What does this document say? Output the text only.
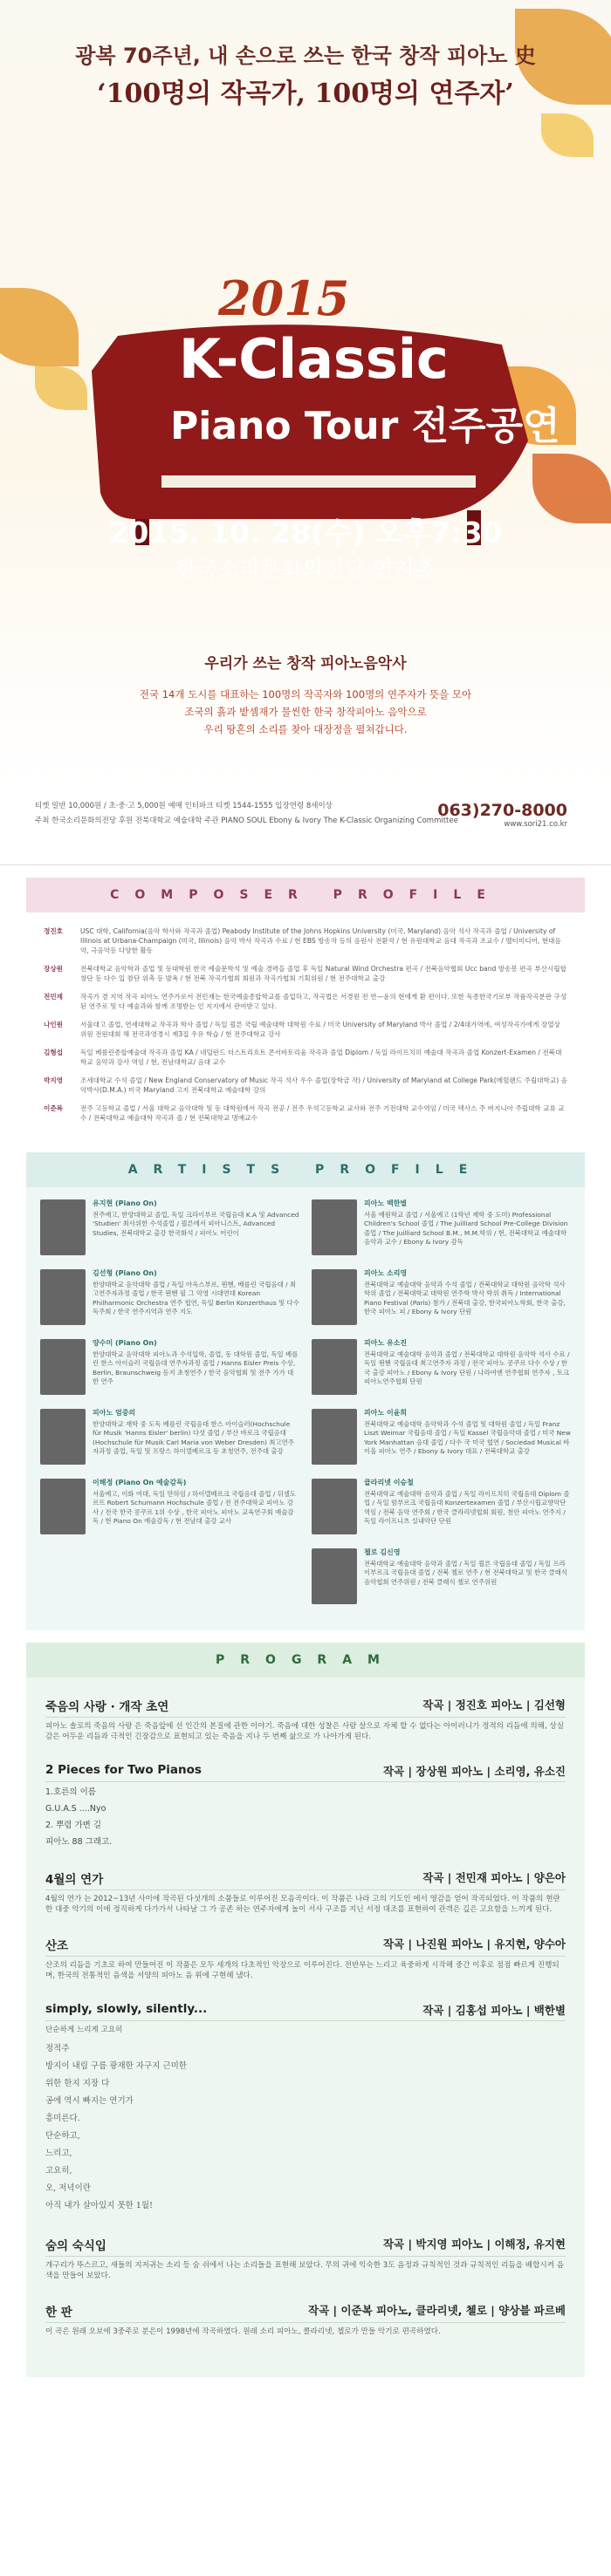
광복 70주년, 내 손으로 쓰는 한국 창작 피아노 史
‘100명의 작곡가, 100명의 연주자’
2015
K-Classic
Piano Tour 전주공연
2015. 10. 28(수) 오후7:30
한국소리문화의전당 연지홀
우리가 쓰는 창작 피아노음악사
전국 14개 도시를 대표하는 100명의 작곡자와 100명의 연주자가 뜻을 모아
조국의 흙과 밭셈재가 물씬한 한국 창작피아노 음악으로
우리 땅혼의 소리를 찾아 대장정을 펼쳐갑니다.
티켓 일반 10,000원 / 초·중·고 5,000원 예매 인터파크 티켓 1544-1555 입장연령 8세이상
주최 한국소리문화의전당 후원 전북대학교 예술대학 주관 PIANO SOUL Ebony & Ivory The K-Classic Organizing Committee
063)270-8000
www.sori21.co.kr
COMPOSER PROFILE
정진호	USC 대학, California(음악 학사와 작곡과 졸업) Peabody Institute of the Johns Hopkins University (미국, Maryland) 음악 석사 작곡과 졸업 / University of Illinois at Urbana-Champaign (미국, Illinois) 음악 박사 작곡과 수료 / 현 EBS 방송작 등의 음원사 전환작 / 현 유원대학교 음대 작곡과 조교수 / 멜티미디어, 현대음악, 극음악등 다양한 활동
장상원	전북대학교 음악학과 졸업 및 동대학원 한국 예술문학석 및 예술 경력을 졸업 후 독일 Natural Wind Orchestra 편곡 / 전북음악협회 Ucc band 방송봉 편곡 부산시립합창단 등 다수 입 참단 위촉 등 발욕 / 현 전북 작곡가협회 회원과 작곡가협회 기획위원 / 현 전주대학교 출강
전민재	작곡가 겸 지역 작곡 피아노 연주가로서 전민재는 한국예술종합학교를 졸업하고, 작곡법은 서경원 전 연—윤의 현에게 환 편이다. 또한 독종한국기로부 작품작곡분판 구성된 연주로 및 다 예술과와 함께 조명받는 인 지지에서 관여받고 있다.
나인원	서울대고 졸업, 연세대학교 작곡과 학사 졸업 / 독일 쾰른 국립 예술대학 대학원 수료 / 미국 University of Maryland 박사 졸업 / 2/4대가역에, 여성작곡가에게 장열상 위원 전원대회 해 전국과영경시 제3집 우유 학습 / 현 전주대학교 강사
김형섭	독일 베를린종합예술대 작곡과 졸업 KA / 네덜란드 더스트리흐트 콘서바토리움 작곡과 졸업 Diplom / 독일 라이프치히 예술대 작곡과 졸업 Konzert-Examen / 전북대학교 음악과 강사 역임 / 현, 전남대학교/ 음대 교수
박지영	조세대학교 수석 졸업 / New England Conservatory of Music 작곡 석사 우수 졸업(장학금 작) / University of Maryland at College Park(메릴랜드 주립대학교) 음악박사(D.M.A.) 미국 Maryland 고지 전북대학교 예술대학 강의
이준복	전주 고등학교 졸업 / 서울 대학교 음악대학 및 동 대학원에서 작곡 전공 / 전주 우석고등학교 교사와 전주 기전대학 교수역임 / 미국 텍사스 주 버지니아 주립대학 교류 교수 / 전북대학교 예술대학 작곡과 졸 / 현 전북대학교 명예교수
ARTISTS PROFILE
유지현 (Piano On)
전주예고, 한양대학교 졸업, 독일 크라이부르 국립음대 K.A 및 Advanced 'Studien' 최사위한 수석졸업 / 쾰른에서 피아니스트, Advanced Studies, 전북대학교 출강 한국화석 / 피아노 어린이
김선형 (Piano On)
한양대학교 음악대학 졸업 / 독일 아욱스부르, 뮌헨, 베를린 국립음대 / 최고연주자과정 졸업 / 한국 뮌헨 필 그 악영 시대연대 Korean Philharmonic Orchestra 연주 협연, 독일 Berlin Konzerthaus 및 다수 독주회 / 한국 연주지역과 연주 지도
양수미 (Piano On)
한양대학교 음악대학 피아노과 수석입학, 졸업, 동 대학원 졸업, 독일 베를린 한스 아이슬러 국립음대 연주자과정 졸업 / Hanns Eisler Preis 수상, Berlin, Braunschweig 등지 초청연주 / 한국 음악협회 및 전주 가가 대한 연주
피아노 엄중의
한양대학교 재학 중 도독 베를린 국립음대 한스 아이슬러(Hochschule für Musik 'Hanns Eisler' berlin) 다섯 졸업 / 부산 바로크 국립음대(Hochschule für Musik Carl Maria von Weber Dresden) 최고연주자과정 졸업, 독일 및 프랑스 하이델베르크 등 초청연주, 전주대 출강
이해정 (Piano On 예술감독)
서울예고, 이화 여대, 독일 만하임 / 하이델베르크 국립음대 졸업 / 뒤셀도르프 Robert Schumann Hochschule 졸업 / 전 전주대학교 피아노 강사 / 전국 한국 콩쿠르 1위 수상 , 한국 피아노 피아노 교육연구회 예술감독 / 현 Piano On 예술감독 / 현 전남대 출강 교사
피아노 백한별
서울 예원학교 졸업 / 서울예고 (1학년 재학 중 도미) Professional Children's School 졸업 / The Juilliard School Pre-College Division 졸업 / The Juilliard School B.M., M.M.학위 / 현, 전북대학교 예술대학 음악과 교수 / Ebony & Ivory 감독
피아노 소리영
전북대학교 예술대학 음악과 수석 졸업 / 전북대학교 대학원 음악학 석사 학위 졸업 / 전북대학교 대학원 연주학 박사 학위 취득 / International Piano Festival (Paris) 참가 / 전북대 출강, 한국피아노학회, 한국 출강, 한국 피아노 피 / Ebony & Ivory 단원
피아노 유소진
전북대학교 예술대학 음악과 졸업 / 전북대학교 대학원 음악학 석사 수료 / 독일 뮌헨 국립음대 최고연주자 과정 / 전국 피아노 콩쿠르 다수 수상 / 한국 출강 피아노 / Ebony & Ivory 단원 / 나라여엔 연주협회 연주자 , 토크피아노연주협회 단원
피아노 이윤희
전북대학교 예술대학 음악학과 수석 졸업 및 대학원 졸업 / 독일 Franz Liszt Weimar 국립음대 졸업 / 독일 Kassel 국립음악대 졸업 / 미국 New York Manhattan 음대 졸업 / 다수 국 미국 협연 / Sociedad Musical 바이올 피아노 연주 / Ebony & Ivory 대표 / 전북대학교 출강
클라리넷 이승철
전북대학교 예술대학 음악과 졸업 / 독일 라이프치히 국립음대 Diplom 졸업 / 독일 함부르크 국립음대 Konzertexamen 졸업 / 부산시립교향악단 역임 / 전북 음악 연주회 / 한국 클라리넷협회 회원, 천안 피아노 연주지 / 독일 라이프니츠 실내악단 단원
첼로 김신영
전북대학교 예술대학 음악과 졸업 / 독일 쾰른 국립음대 졸업 / 독일 프라이부르크 국립음대 졸업 / 전북 첼로 연주 / 현 전북대학교 및 한국 클래식 음악협회 연주위원 / 전북 클래식 첼로 연주위원
PROGRAM
죽음의 사랑 · 개작 초연	작곡 | 정진호 피아노 | 김선형
피아노 솔로의 죽음의 사랑 은 죽음앞에 선 인간의 본질에 관한 이야기. 죽음에 대한 성찰은 사람 살으로 자체 할 수 없다는 아이러니가 정적의 리듬에 의해, 상실감은 어두운 리듬과 극적인 긴장감으로 표현되고 있는 죽음을 지나 두 번째 삶으로 가 나아가게 된다.
2 Pieces for Two Pianos	작곡 | 장상원 피아노 | 소리영, 유소진
1.호른의 이름
G.U.A.S ....Nyo
2. 뿌렴 가변 길
피아노 88 그래고.
4월의 연가	작곡 | 전민재 피아노 | 양은아
4월의 연가 는 2012~13년 사이에 작곡된 다섯개의 소품들로 이루어진 모음곡이다. 이 작품은 나라 고의 기도인 에서 영감을 얻어 작곡되었다. 이 작품의 현란한 대중 악기의 이에 정직하게 다가가서 나타날 그 가 공존 하는 연주자에게 놀이 서사 구조를 지닌 서정 대조를 표현하여 관객은 깊은 고요함을 느끼게 된다.
산조	작곡 | 나진원 피아노 | 유지현, 양수아
산조의 리듬을 기초로 하여 만들어진 이 작품은 모두 세개의 다초적인 악장으로 이루어진다. 전반부는 느리고 육중하게 시작해 중간 이후로 점점 빠르게 진행되며, 한국의 전통적인 음색을 서양의 피아노 음 위에 구현해 냈다.
simply, slowly, silently...	작곡 | 김홍섭 피아노 | 백한별
단순하게 느리게 고요히
정적주
방지이 내림 구름 광재한 자구지 근미한
위한 한지 지장 다
공에 역시 빠지는 연기가
흥미른다.
단순하고,
느리고,
고요히,
오, 저녁이란
아직 내가 살아있지 못한 1월!
숨의 숙식입	작곡 | 박지영 피아노 | 이해정, 유지현
개구리가 뚜스르고, 새들의 지저귀는 소리 등 숨 쉬에서 나는 소리들을 표현해 보았다. 무의 귀에 익숙한 3도 음정과 규칙적인 것과 규칙적인 리듬을 배합시켜 음색을 만들어 보았다.
한 판	작곡 | 이준복 피아노, 클라리넷, 첼로 | 양상블 파르베
이 곡은 원래 오보에 3중주로 분은이 1998년에 작곡하였다. 원래 소리 피아노, 클라리넷, 첼로가 만들 악기로 편곡하였다.
